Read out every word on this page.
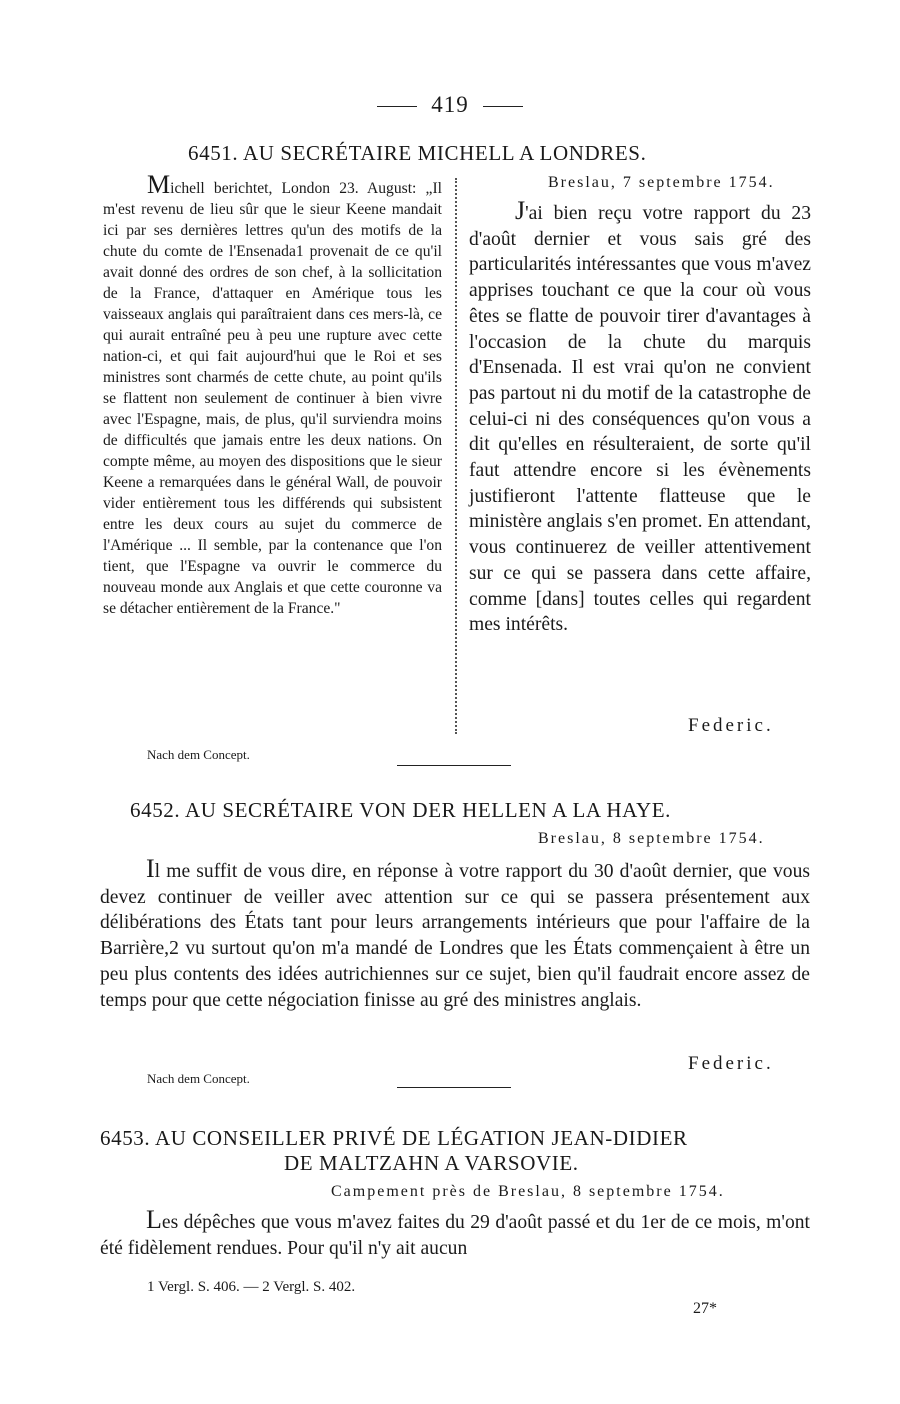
419
6451. AU SECRÉTAIRE MICHELL A LONDRES.
Michell berichtet, London 23. August: „Il m'est revenu de lieu sûr que le sieur Keene mandait ici par ses dernières lettres qu'un des motifs de la chute du comte de l'Ensenada1 provenait de ce qu'il avait donné des ordres de son chef, à la sollicitation de la France, d'attaquer en Amérique tous les vaisseaux anglais qui paraîtraient dans ces mers-là, ce qui aurait entraîné peu à peu une rupture avec cette nation-ci, et qui fait aujourd'hui que le Roi et ses ministres sont charmés de cette chute, au point qu'ils se flattent non seulement de continuer à bien vivre avec l'Espagne, mais, de plus, qu'il surviendra moins de difficultés que jamais entre les deux nations. On compte même, au moyen des dispositions que le sieur Keene a remarquées dans le général Wall, de pouvoir vider entièrement tous les différends qui subsistent entre les deux cours au sujet du commerce de l'Amérique ... Il semble, par la contenance que l'on tient, que l'Espagne va ouvrir le commerce du nouveau monde aux Anglais et que cette couronne va se détacher entièrement de la France."
Breslau, 7 septembre 1754.
J'ai bien reçu votre rapport du 23 d'août dernier et vous sais gré des particularités intéressantes que vous m'avez apprises touchant ce que la cour où vous êtes se flatte de pouvoir tirer d'avantages à l'occasion de la chute du marquis d'Ensenada. Il est vrai qu'on ne convient pas partout ni du motif de la catastrophe de celui-ci ni des conséquences qu'on vous a dit qu'elles en résulteraient, de sorte qu'il faut attendre encore si les évènements justifieront l'attente flatteuse que le ministère anglais s'en promet. En attendant, vous continuerez de veiller attentivement sur ce qui se passera dans cette affaire, comme [dans] toutes celles qui regardent mes intérêts.
Federic.
Nach dem Concept.
6452. AU SECRÉTAIRE VON DER HELLEN A LA HAYE.
Breslau, 8 septembre 1754.
Il me suffit de vous dire, en réponse à votre rapport du 30 d'août dernier, que vous devez continuer de veiller avec attention sur ce qui se passera présentement aux délibérations des États tant pour leurs arrangements intérieurs que pour l'affaire de la Barrière,2 vu surtout qu'on m'a mandé de Londres que les États commençaient à être un peu plus contents des idées autrichiennes sur ce sujet, bien qu'il faudrait encore assez de temps pour que cette négociation finisse au gré des ministres anglais.
Federic.
Nach dem Concept.
6453. AU CONSEILLER PRIVÉ DE LÉGATION JEAN-DIDIER
DE MALTZAHN A VARSOVIE.
Campement près de Breslau, 8 septembre 1754.
Les dépêches que vous m'avez faites du 29 d'août passé et du 1er de ce mois, m'ont été fidèlement rendues. Pour qu'il n'y ait aucun
1 Vergl. S. 406. — 2 Vergl. S. 402.
27*
